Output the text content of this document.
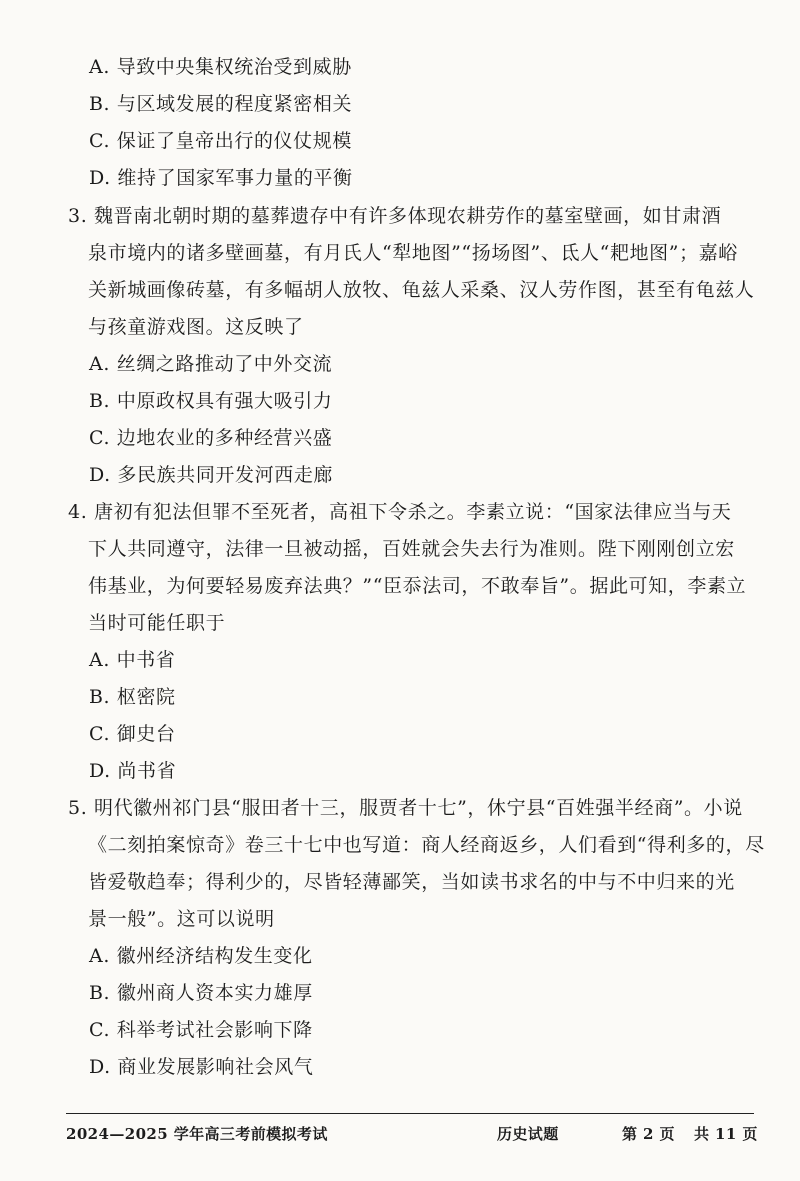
A. 导致中央集权统治受到威胁
B. 与区域发展的程度紧密相关
C. 保证了皇帝出行的仪仗规模
D. 维持了国家军事力量的平衡
3. 魏晋南北朝时期的墓葬遗存中有许多体现农耕劳作的墓室壁画，如甘肃酒
泉市境内的诸多壁画墓，有月氏人“犁地图”“扬场图”、氐人“耙地图”；嘉峪
关新城画像砖墓，有多幅胡人放牧、龟兹人采桑、汉人劳作图，甚至有龟兹人
与孩童游戏图。这反映了
A. 丝绸之路推动了中外交流
B. 中原政权具有强大吸引力
C. 边地农业的多种经营兴盛
D. 多民族共同开发河西走廊
4. 唐初有犯法但罪不至死者，高祖下令杀之。李素立说：“国家法律应当与天
下人共同遵守，法律一旦被动摇，百姓就会失去行为准则。陛下刚刚创立宏
伟基业，为何要轻易废弃法典？”“臣忝法司，不敢奉旨”。据此可知，李素立
当时可能任职于
A. 中书省
B. 枢密院
C. 御史台
D. 尚书省
5. 明代徽州祁门县“服田者十三，服贾者十七”，休宁县“百姓强半经商”。小说
《二刻拍案惊奇》卷三十七中也写道：商人经商返乡，人们看到“得利多的，尽
皆爱敬趋奉；得利少的，尽皆轻薄鄙笑，当如读书求名的中与不中归来的光
景一般”。这可以说明
A. 徽州经济结构发生变化
B. 徽州商人资本实力雄厚
C. 科举考试社会影响下降
D. 商业发展影响社会风气
2024—2025 学年高三考前模拟考试	历史试题	第 2 页 共 11 页
